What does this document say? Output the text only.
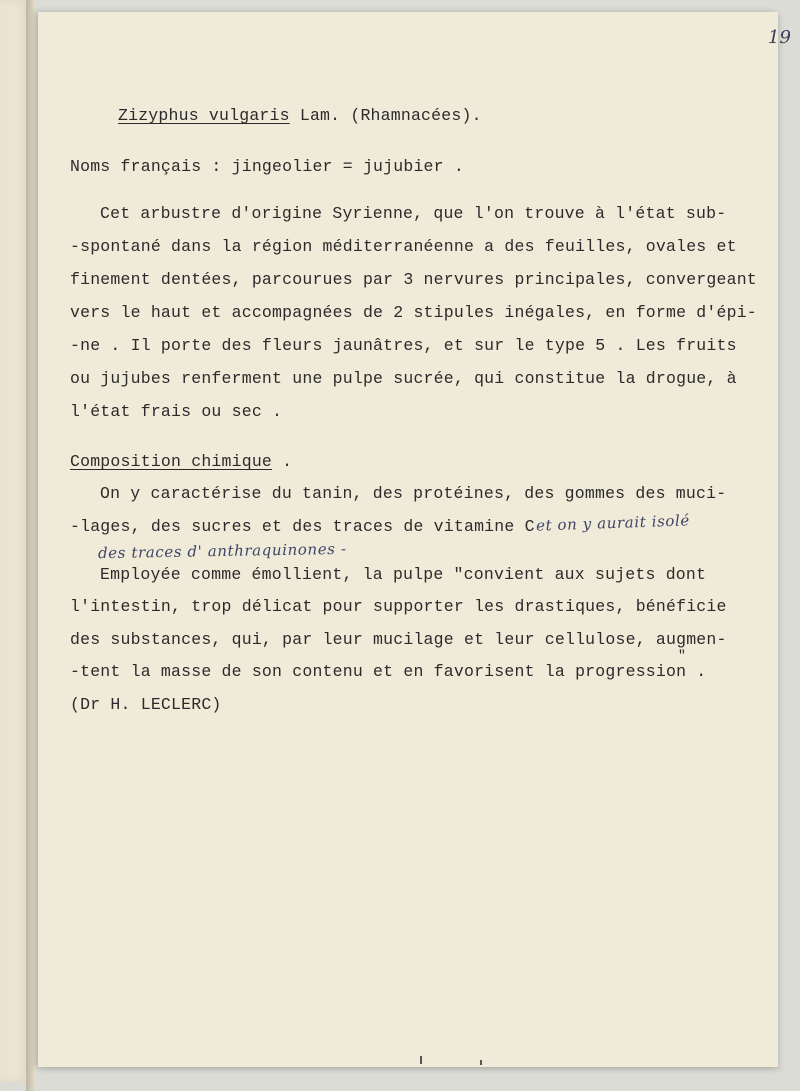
19
Zizyphus vulgaris Lam. (Rhamnacées).
Noms français : jingeolier = jujubier .
Cet arbustre d'origine Syrienne, que l'on trouve à l'état sub-
-spontané dans la région méditerranéenne a des feuilles, ovales et
finement dentées, parcourues par 3 nervures principales, convergeant
vers le haut et accompagnées de 2 stipules inégales, en forme d'épi-
-ne . Il porte des fleurs jaunâtres, et sur le type 5 . Les fruits
ou jujubes renferment une pulpe sucrée, qui constitue la drogue, à
l'état frais ou sec .
Composition chimique .
On y caractérise du tanin, des protéines, des gommes des muci-
-lages, des sucres et des traces de vitamine C et on y aurait isolé
des traces d' anthraquinones -
Employée comme émollient, la pulpe "convient aux sujets dont
l'intestin, trop délicat pour supporter les drastiques, bénéficie
des substances, qui, par leur mucilage et leur cellulose, augmen-
-tent la masse de son contenu et en favorisent la progression .
"
(Dr H. LECLERC)
